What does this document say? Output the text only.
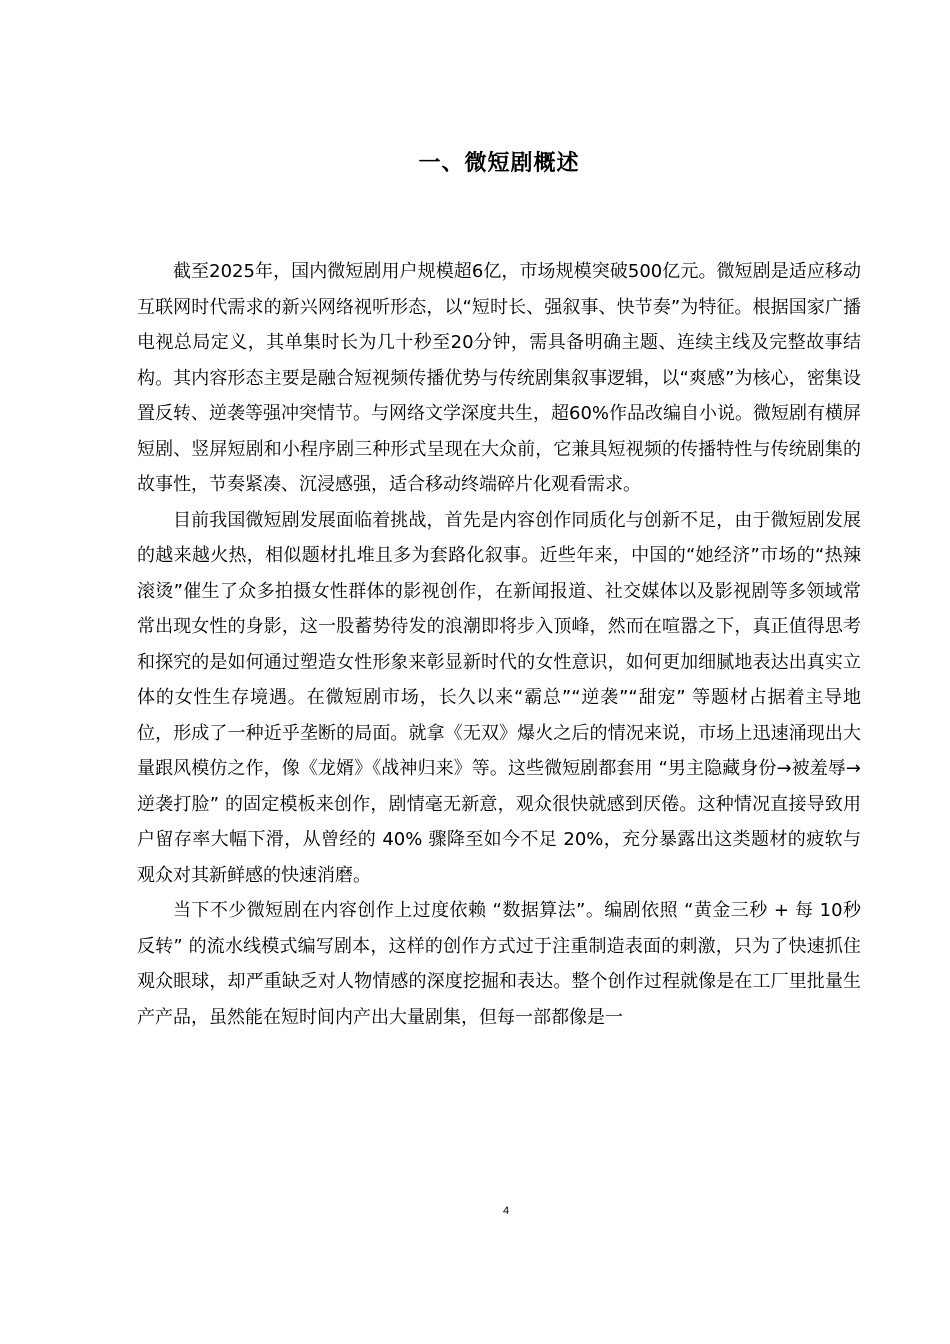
一、微短剧概述

截至2025年，国内微短剧用户规模超6亿，市场规模突破500亿元。微短剧是适应移动互联网时代需求的新兴网络视听形态，以“短时长、强叙事、快节奏”为特征。根据国家广播电视总局定义，其单集时长为几十秒至20分钟，需具备明确主题、连续主线及完整故事结构。其内容形态主要是融合短视频传播优势与传统剧集叙事逻辑，以“爽感”为核心，密集设置反转、逆袭等强冲突情节。与网络文学深度共生，超60%作品改编自小说。微短剧有横屏短剧、竖屏短剧和小程序剧三种形式呈现在大众前，它兼具短视频的传播特性与传统剧集的故事性，节奏紧凑、沉浸感强，适合移动终端碎片化观看需求。

目前我国微短剧发展面临着挑战，首先是内容创作同质化与创新不足，由于微短剧发展的越来越火热，相似题材扎堆且多为套路化叙事。近些年来，中国的“她经济”市场的“热辣滚烫”催生了众多拍摄女性群体的影视创作，在新闻报道、社交媒体以及影视剧等多领域常常出现女性的身影，这一股蓄势待发的浪潮即将步入顶峰，然而在喧嚣之下，真正值得思考和探究的是如何通过塑造女性形象来彰显新时代的女性意识，如何更加细腻地表达出真实立体的女性生存境遇。在微短剧市场，长久以来“霸总”“逆袭”“甜宠” 等题材占据着主导地位，形成了一种近乎垄断的局面。就拿《无双》爆火之后的情况来说，市场上迅速涌现出大量跟风模仿之作，像《龙婿》《战神归来》等。这些微短剧都套用 “男主隐藏身份→被羞辱→逆袭打脸” 的固定模板来创作，剧情毫无新意，观众很快就感到厌倦。这种情况直接导致用户留存率大幅下滑，从曾经的 40% 骤降至如今不足 20%，充分暴露出这类题材的疲软与观众对其新鲜感的快速消磨。

当下不少微短剧在内容创作上过度依赖 “数据算法”。编剧依照 “黄金三秒 + 每 10秒反转” 的流水线模式编写剧本，这样的创作方式过于注重制造表面的刺激，只为了快速抓住观众眼球，却严重缺乏对人物情感的深度挖掘和表达。整个创作过程就像是在工厂里批量生产产品，虽然能在短时间内产出大量剧集，但每一部都像是一

4
